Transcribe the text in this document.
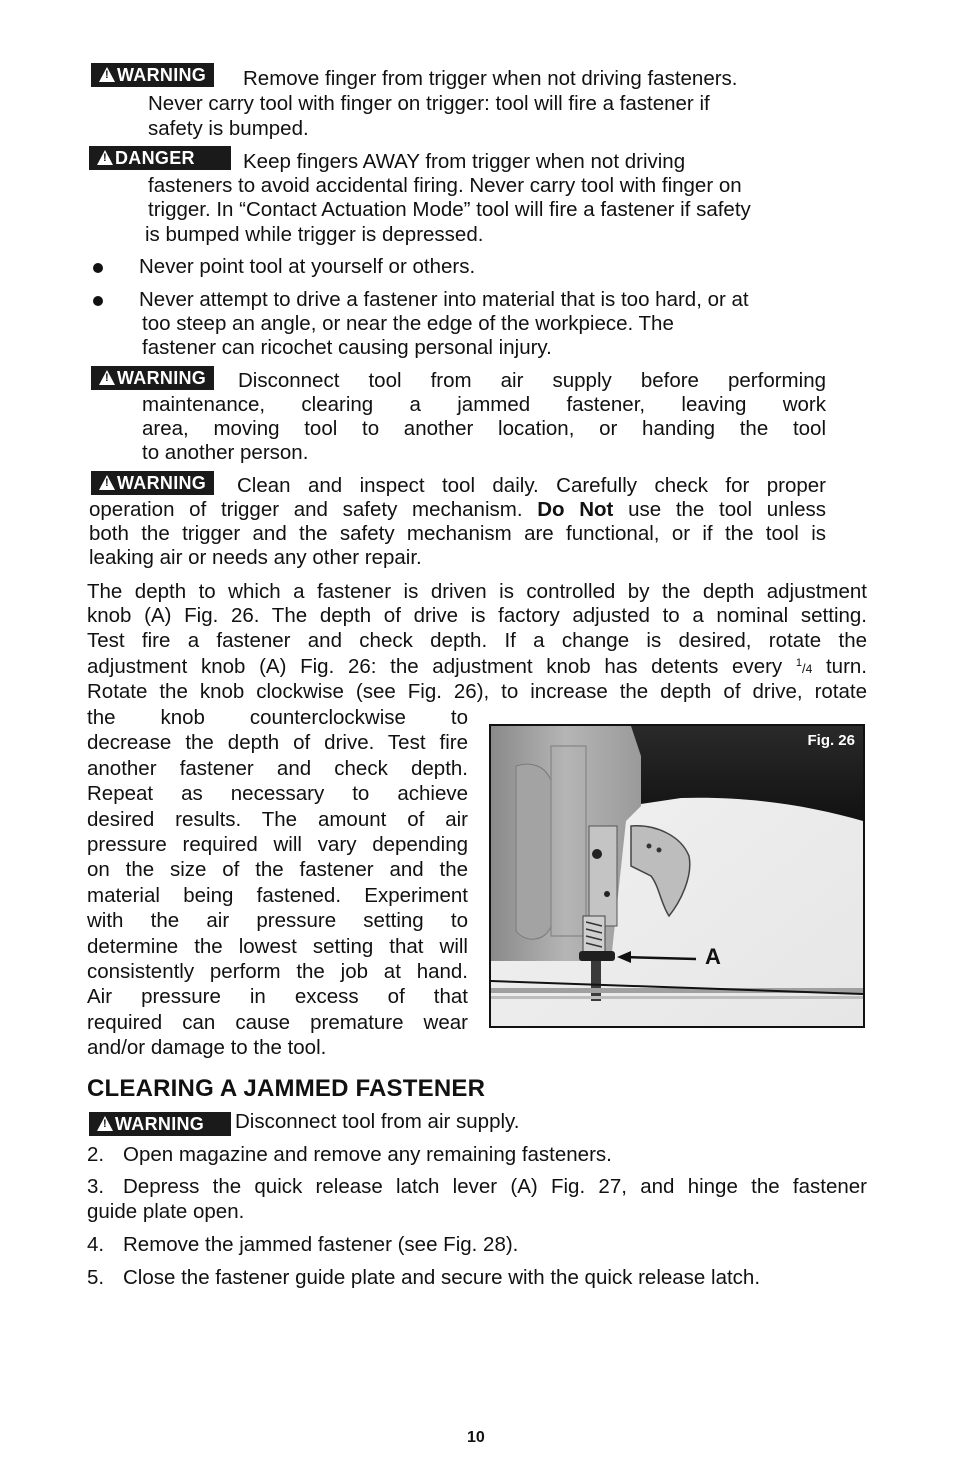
!WARNING	Remove finger from trigger when not driving fasteners.
Never carry tool with finger on trigger: tool will fire a fastener if
safety is bumped.
!DANGER	Keep fingers AWAY from trigger when not driving
fasteners to avoid accidental firing. Never carry tool with finger on
trigger. In “Contact Actuation Mode” tool will fire a fastener if safety
is bumped while trigger is depressed.
Never point tool at yourself or others.
Never attempt to drive a fastener into material that is too hard, or at
too steep an angle, or near the edge of the workpiece. The
fastener can ricochet causing personal injury.
!WARNING	Disconnect tool from air supply before performing
maintenance, clearing a jammed fastener, leaving work
area, moving tool to another location, or handing the tool
to another person.
!WARNING	Clean and inspect tool daily. Carefully check for proper
operation of trigger and safety mechanism. Do Not use the tool unless
both the trigger and the safety mechanism are functional, or if the tool is
leaking air or needs any other repair.
The depth to which a fastener is driven is controlled by the depth adjustment
knob (A) Fig. 26. The depth of drive is factory adjusted to a nominal setting.
Test fire a fastener and check depth. If a change is desired, rotate the
adjustment knob (A) Fig. 26: the adjustment knob has detents every $^1$/4 turn.
Rotate the knob clockwise (see Fig. 26), to increase the depth of drive, rotate
the knob counterclockwise to
decrease the depth of drive. Test fire
another fastener and check depth.
Repeat as necessary to achieve
desired results. The amount of air
pressure required will vary depending
on the size of the fastener and the
material being fastened. Experiment
with the air pressure setting to
determine the lowest setting that will
consistently perform the job at hand.
Air pressure in excess of that
required can cause premature wear
and/or damage to the tool.
Fig. 26
A
CLEARING A JAMMED FASTENER
!WARNING	Disconnect tool from air supply.
2. Open magazine and remove any remaining fasteners.
3. Depress the quick release latch lever (A) Fig. 27, and hinge the fastener
guide plate open.
4. Remove the jammed fastener (see Fig. 28).
5. Close the fastener guide plate and secure with the quick release latch.
10
